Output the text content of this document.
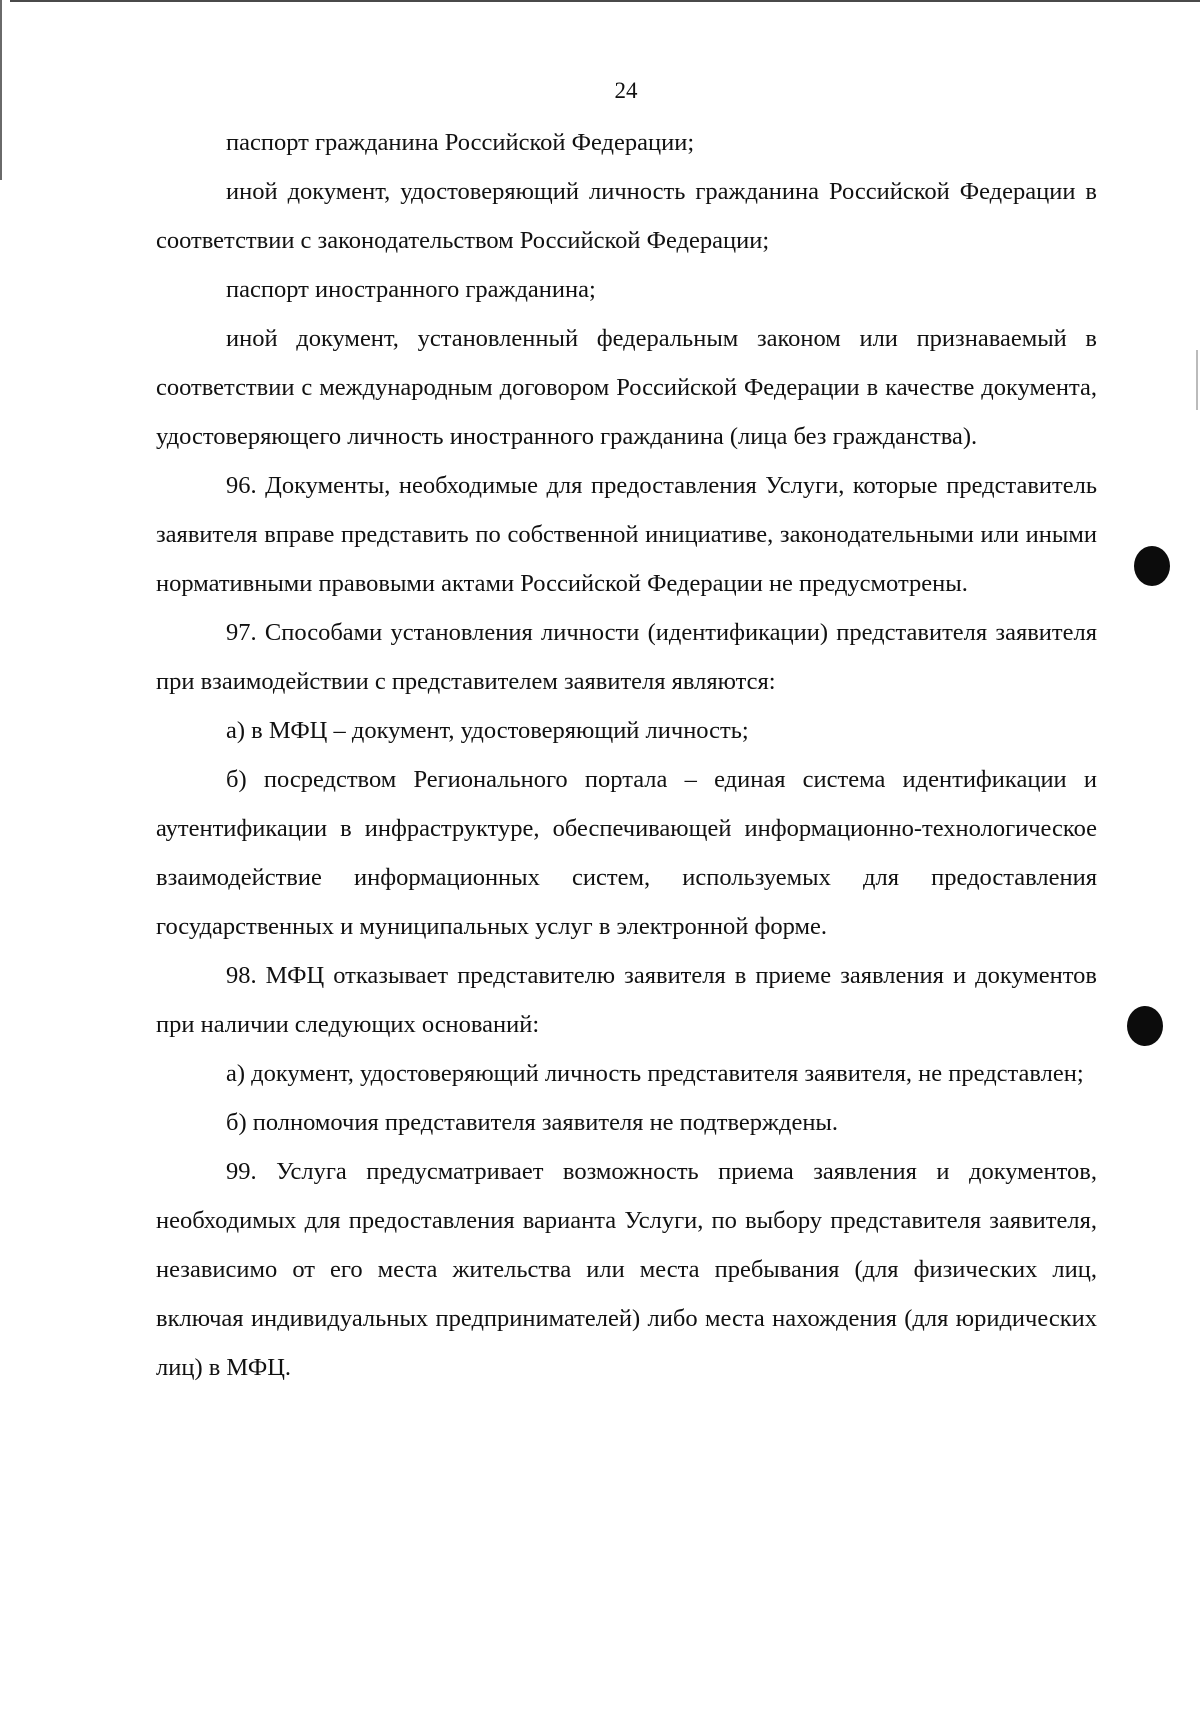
24

паспорт гражданина Российской Федерации;

иной документ, удостоверяющий личность гражданина Российской Федерации в соответствии с законодательством Российской Федерации;

паспорт иностранного гражданина;

иной документ, установленный федеральным законом или признаваемый в соответствии с международным договором Российской Федерации в качестве документа, удостоверяющего личность иностранного гражданина (лица без гражданства).

96. Документы, необходимые для предоставления Услуги, которые представитель заявителя вправе представить по собственной инициативе, законодательными или иными нормативными правовыми актами Российской Федерации не предусмотрены.

97. Способами установления личности (идентификации) представителя заявителя при взаимодействии с представителем заявителя являются:

а) в МФЦ – документ, удостоверяющий личность;

б) посредством Регионального портала – единая система идентификации и аутентификации в инфраструктуре, обеспечивающей информационно-технологическое взаимодействие информационных систем, используемых для предоставления государственных и муниципальных услуг в электронной форме.

98. МФЦ отказывает представителю заявителя в приеме заявления и документов при наличии следующих оснований:

а) документ, удостоверяющий личность представителя заявителя, не представлен;

б) полномочия представителя заявителя не подтверждены.

99. Услуга предусматривает возможность приема заявления и документов, необходимых для предоставления варианта Услуги, по выбору представителя заявителя, независимо от его места жительства или места пребывания (для физических лиц, включая индивидуальных предпринимателей) либо места нахождения (для юридических лиц) в МФЦ.
